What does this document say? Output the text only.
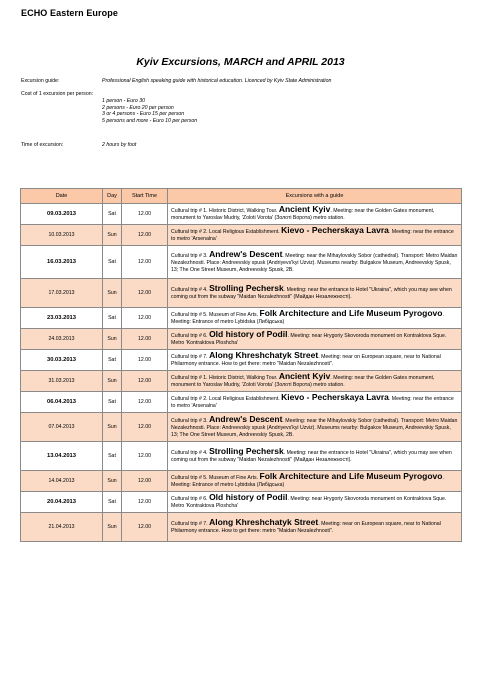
ECHO Eastern Europe
Kyiv Excursions, MARCH and APRIL 2013
Excursion guide:	Professional English speaking guide with historical education. Licenced by Kyiv State Administration
Cost of 1 excursion per person:
1 person - Euro 30
2 persons - Euro 20 per person
3 or 4 persons - Euro 15 per person
5 persons and more - Euro 10 per person
Time of excursion:	2 hours by foot
Date	Day	Start Time	Excursions with a guide
09.03.2013	Sat	12.00	Cultural trip # 1. Historic District, Walking Tour. Ancient Kyiv. Meeting: near the Golden Gates monument, monument to Yaroslav Mudriy, 'Zoloti Vorota' (Золоті Ворота) metro station.
10.03.2013	Sun	12.00	Cultural trip # 2. Local Religious Establishment. Kievo - Pecherskaya Lavra. Meeting: near the entrance to metro 'Arsenalna'
16.03.2013	Sat	12.00	Cultural trip # 3. Andrew's Descent. Meeting: near the Mihaylovskiy Sobor (cathedral). Transport: Metro Maidan Nezalezhnosti. Place: Andreevskiy spusk (Andriyevs'kyi Uzviz). Museums nearby: Bulgakov Museum, Andreevskiy Spusk, 13; The One Street Museum, Andreevskiy Spusk, 2B.
17.03.2013	Sun	12.00	Cultural trip # 4. Strolling Pechersk. Meeting: near the entrance to Hotel "Ukraina", which you may see when coming out from the subway "Maidan Nezalezhnosti" (Майдан Незалежності).
23.03.2013	Sat	12.00	Cultural trip # 5. Museum of Fine Arts. Folk Architecture and Life Museum Pyrogovo. Meeting: Entrance of metro Lybidska (Либідська)
24.03.2013	Sun	12.00	Cultural trip # 6. Old history of Podil. Meeting: near Hrygoriy Skovoroda monument on Kontraktova Sque. Metro 'Kontraktova Ploshcha'
30.03.2013	Sat	12.00	Cultural trip # 7. Along Khreshchatyk Street. Meeting: near on European square, near to National Philarmony entrance. How to get there: metro "Maidan Nezalezhnosti".
31.03.2013	Sun	12.00	Cultural trip # 1. Historic District, Walking Tour. Ancient Kyiv. Meeting: near the Golden Gates monument, monument to Yaroslav Mudriy, 'Zoloti Vorota' (Золоті Ворота) metro station.
06.04.2013	Sat	12.00	Cultural trip # 2. Local Religious Establishment. Kievo - Pecherskaya Lavra. Meeting: near the entrance to metro 'Arsenalna'
07.04.2013	Sun	12.00	Cultural trip # 3. Andrew's Descent. Meeting: near the Mihaylovskiy Sobor (cathedral). Transport: Metro Maidan Nezalezhnosti. Place: Andreevskiy spusk (Andriyevs'kyi Uzviz). Museums nearby: Bulgakov Museum, Andreevskiy Spusk, 13; The One Street Museum, Andreevskiy Spusk, 2B.
13.04.2013	Sat	12.00	Cultural trip # 4. Strolling Pechersk. Meeting: near the entrance to Hotel "Ukraina", which you may see when coming out from the subway "Maidan Nezalezhnosti" (Майдан Незалежності).
14.04.2013	Sun	12.00	Cultural trip # 5. Museum of Fine Arts. Folk Architecture and Life Museum Pyrogovo. Meeting: Entrance of metro Lybidska (Либідська)
20.04.2013	Sat	12.00	Cultural trip # 6. Old history of Podil. Meeting: near Hrygoriy Skovoroda monument on Kontraktova Sque. Metro 'Kontraktova Ploshcha'
21.04.2013	Sun	12.00	Cultural trip # 7. Along Khreshchatyk Street. Meeting: near on European square, near to National Philarmony entrance. How to get there: metro "Maidan Nezalezhnosti".
